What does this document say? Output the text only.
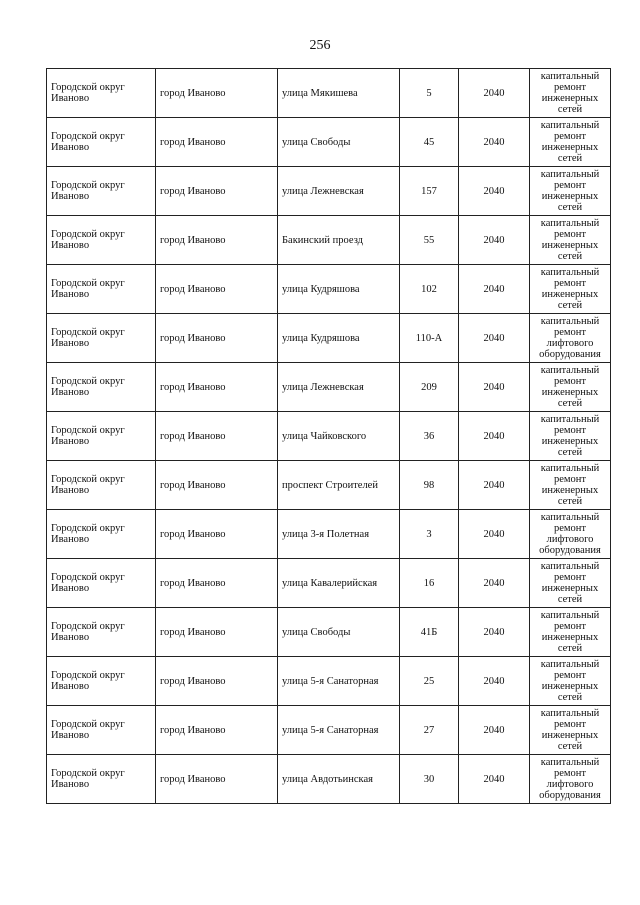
256
Городской округ Иваново	город Иваново	улица Мякишева	5	2040	капитальный ремонт инженерных сетей
Городской округ Иваново	город Иваново	улица Свободы	45	2040	капитальный ремонт инженерных сетей
Городской округ Иваново	город Иваново	улица Лежневская	157	2040	капитальный ремонт инженерных сетей
Городской округ Иваново	город Иваново	Бакинский проезд	55	2040	капитальный ремонт инженерных сетей
Городской округ Иваново	город Иваново	улица Кудряшова	102	2040	капитальный ремонт инженерных сетей
Городской округ Иваново	город Иваново	улица Кудряшова	110-А	2040	капитальный ремонт лифтового оборудования
Городской округ Иваново	город Иваново	улица Лежневская	209	2040	капитальный ремонт инженерных сетей
Городской округ Иваново	город Иваново	улица Чайковского	36	2040	капитальный ремонт инженерных сетей
Городской округ Иваново	город Иваново	проспект Строителей	98	2040	капитальный ремонт инженерных сетей
Городской округ Иваново	город Иваново	улица 3-я Полетная	3	2040	капитальный ремонт лифтового оборудования
Городской округ Иваново	город Иваново	улица Кавалерийская	16	2040	капитальный ремонт инженерных сетей
Городской округ Иваново	город Иваново	улица Свободы	41Б	2040	капитальный ремонт инженерных сетей
Городской округ Иваново	город Иваново	улица 5-я Санаторная	25	2040	капитальный ремонт инженерных сетей
Городской округ Иваново	город Иваново	улица 5-я Санаторная	27	2040	капитальный ремонт инженерных сетей
Городской округ Иваново	город Иваново	улица Авдотьинская	30	2040	капитальный ремонт лифтового оборудования
